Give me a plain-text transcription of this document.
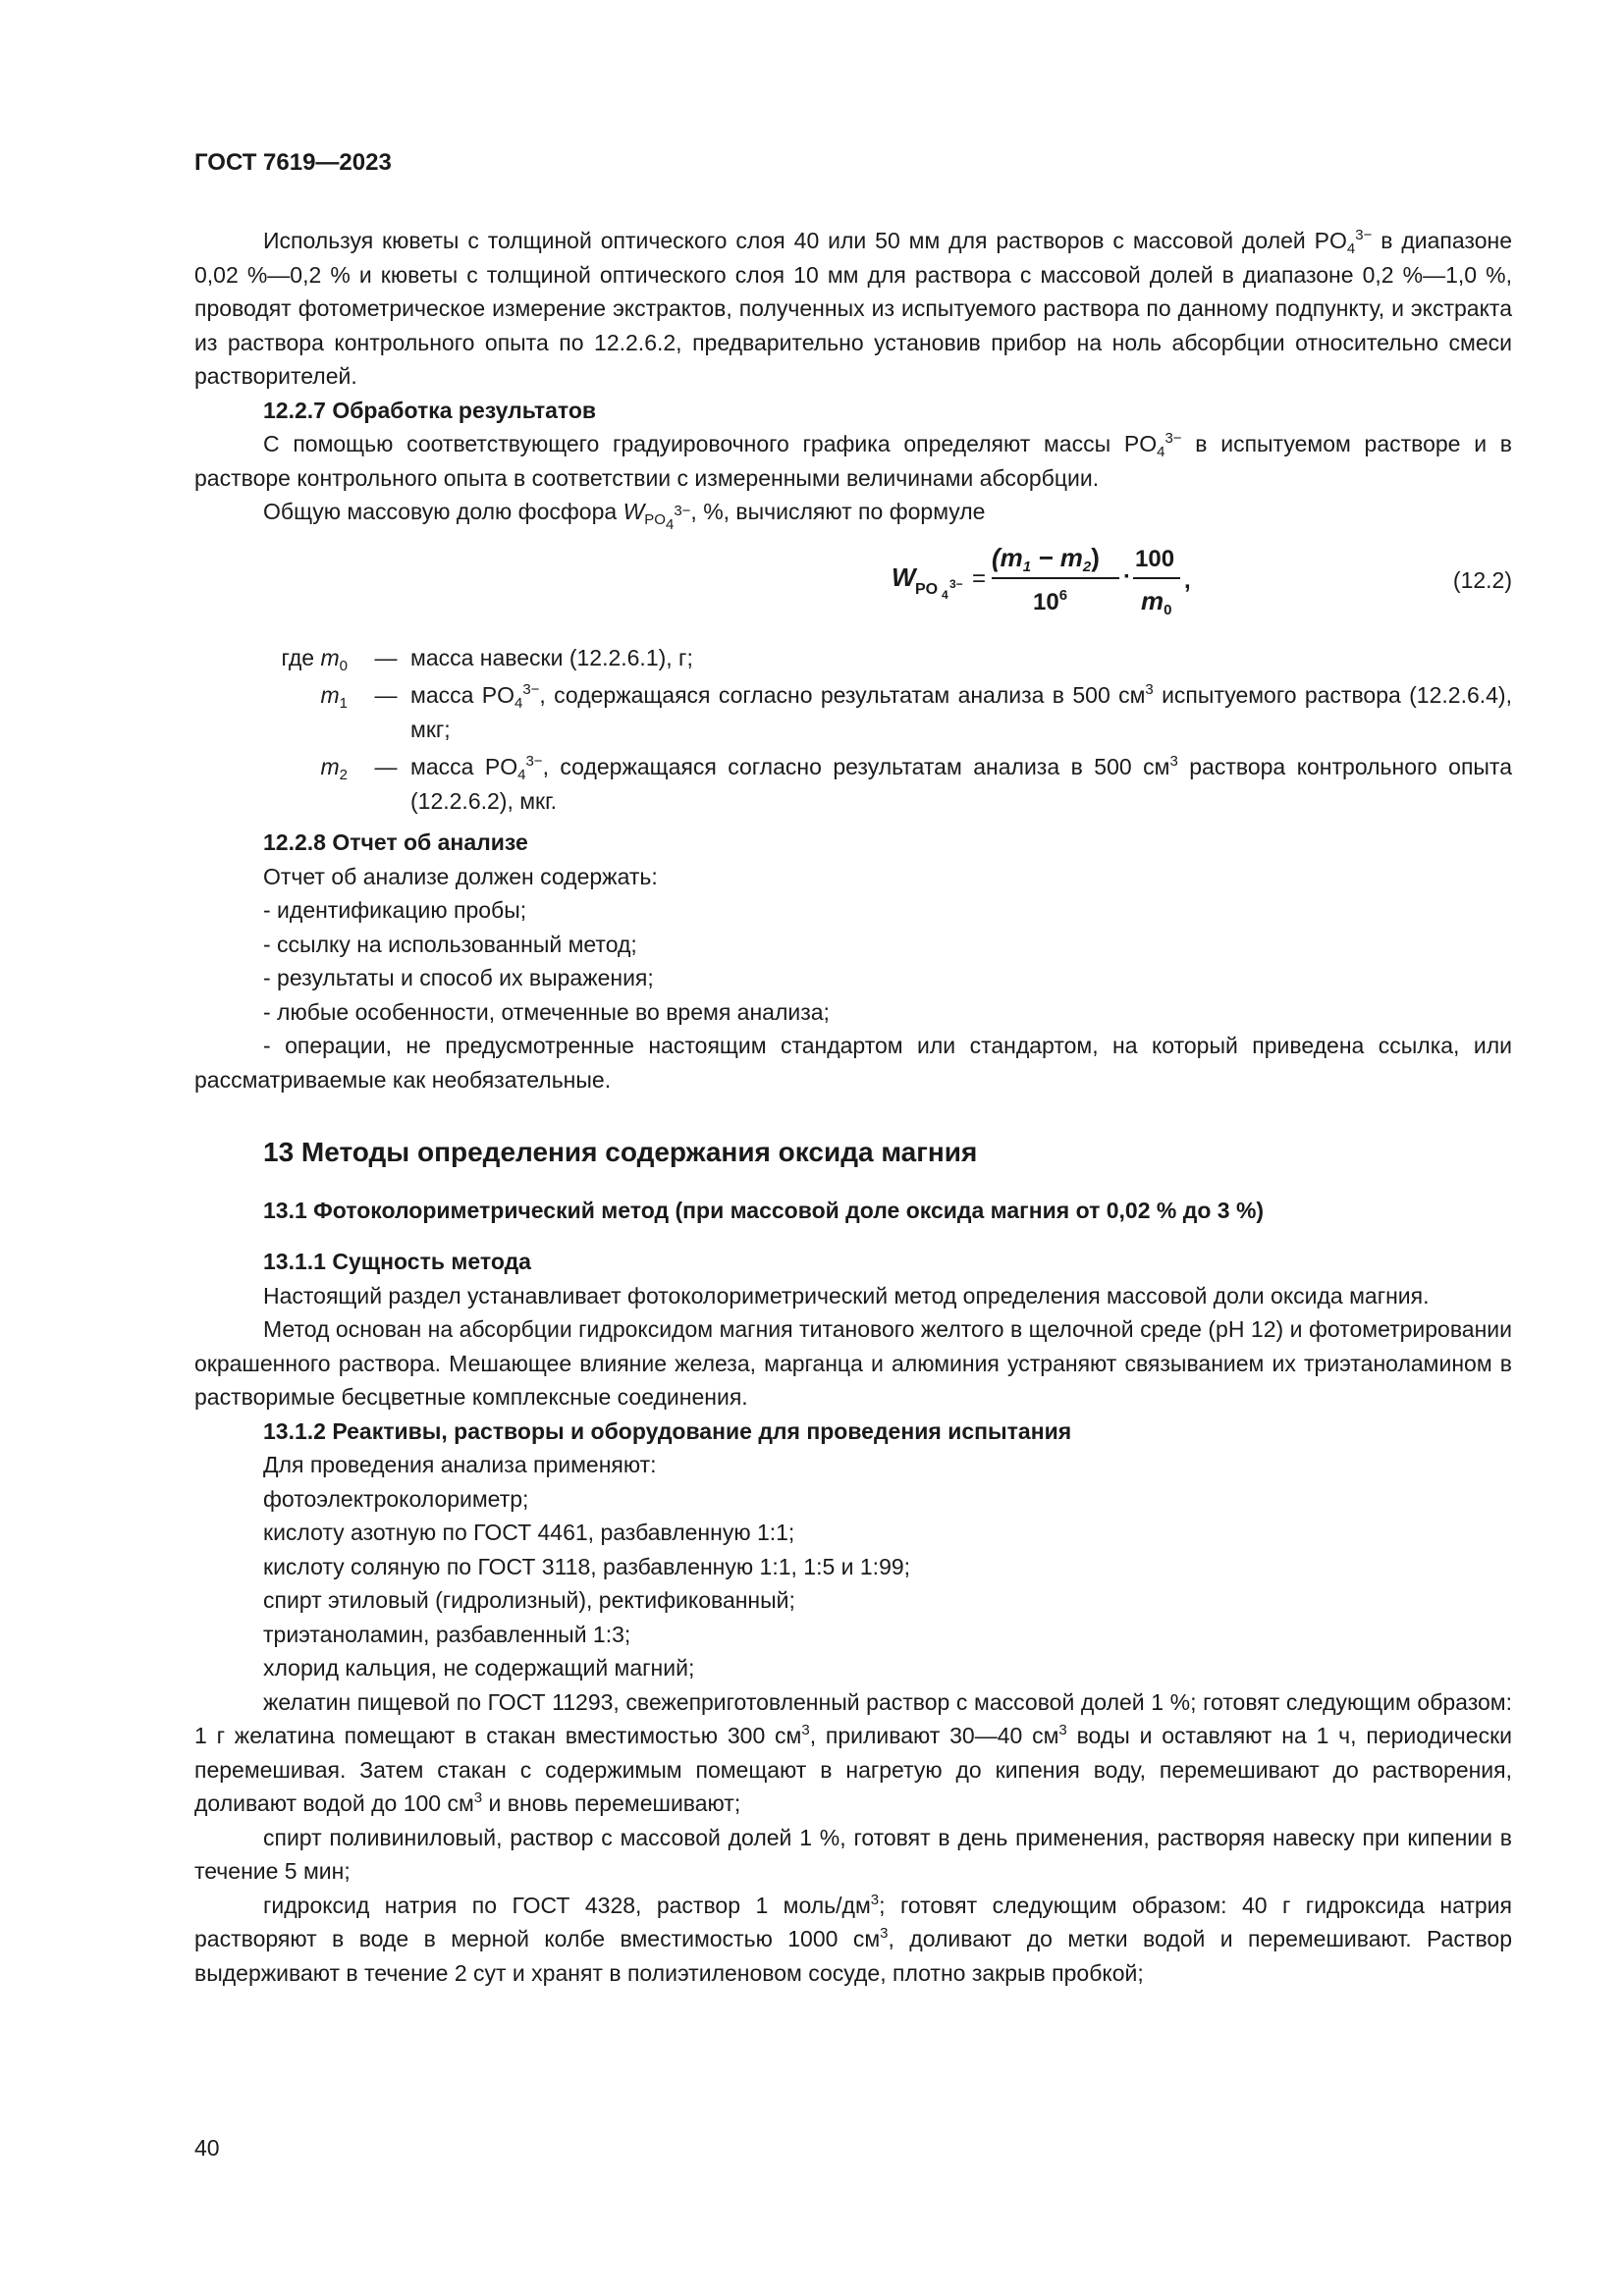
ГОСТ 7619—2023

Используя кюветы с толщиной оптического слоя 40 или 50 мм для растворов с массовой долей $PO_4^{3-}$ в диапазоне 0,02 %—0,2 % и кюветы с толщиной оптического слоя 10 мм для раствора с массовой долей в диапазоне 0,2 %—1,0 %, проводят фотометрическое измерение экстрактов, полученных из испытуемого раствора по данному подпункту, и экстракта из раствора контрольного опыта по 12.2.6.2, предварительно установив прибор на ноль абсорбции относительно смеси растворителей.

12.2.7 Обработка результатов

С помощью соответствующего градуировочного графика определяют массы $PO_4^{3-}$ в испытуемом растворе и в растворе контрольного опыта в соответствии с измеренными величинами абсорбции.

Общую массовую долю фосфора $W_{PO_4^{3-}}$, %, вычисляют по формуле

W PO 4
3− =
(m1 − m2)
$10^6$
·
100
m0
,	(12.2)
где $m_0$	— масса навески (12.2.6.1), г;
$m_1$	— масса $PO_4^{3-}$, содержащаяся согласно результатам анализа в 500 $см^3$ испытуемого раствора (12.2.6.4), мкг;
$m_2$	— масса $PO_4^{3-}$, содержащаяся согласно результатам анализа в 500 $см^3$ раствора контрольного опыта (12.2.6.2), мкг.

12.2.8 Отчет об анализе

Отчет об анализе должен содержать:

- идентификацию пробы;

- ссылку на использованный метод;

- результаты и способ их выражения;

- любые особенности, отмеченные во время анализа;

- операции, не предусмотренные настоящим стандартом или стандартом, на который приведена ссылка, или рассматриваемые как необязательные.

13 Методы определения содержания оксида магния
13.1 Фотоколориметрический метод (при массовой доле оксида магния от 0,02 % до 3 %)

13.1.1 Сущность метода

Настоящий раздел устанавливает фотоколориметрический метод определения массовой доли оксида магния.

Метод основан на абсорбции гидроксидом магния титанового желтого в щелочной среде (рН 12) и фотометрировании окрашенного раствора. Мешающее влияние железа, марганца и алюминия устраняют связыванием их триэтаноламином в растворимые бесцветные комплексные соединения.

13.1.2 Реактивы, растворы и оборудование для проведения испытания

Для проведения анализа применяют:

фотоэлектроколориметр;

кислоту азотную по ГОСТ 4461, разбавленную 1:1;

кислоту соляную по ГОСТ 3118, разбавленную 1:1, 1:5 и 1:99;

спирт этиловый (гидролизный), ректификованный;

триэтаноламин, разбавленный 1:3;

хлорид кальция, не содержащий магний;

желатин пищевой по ГОСТ 11293, свежеприготовленный раствор с массовой долей 1 %; готовят следующим образом: 1 г желатина помещают в стакан вместимостью 300 $см^3$, приливают 30—40 $см^3$ воды и оставляют на 1 ч, периодически перемешивая. Затем стакан с содержимым помещают в нагретую до кипения воду, перемешивают до растворения, доливают водой до 100 $см^3$ и вновь перемешивают;

спирт поливиниловый, раствор с массовой долей 1 %, готовят в день применения, растворяя навеску при кипении в течение 5 мин;

гидроксид натрия по ГОСТ 4328, раствор 1 моль/$дм^3$; готовят следующим образом: 40 г гидроксида натрия растворяют в воде в мерной колбе вместимостью 1000 $см^3$, доливают до метки водой и перемешивают. Раствор выдерживают в течение 2 сут и хранят в полиэтиленовом сосуде, плотно закрыв пробкой;

40
